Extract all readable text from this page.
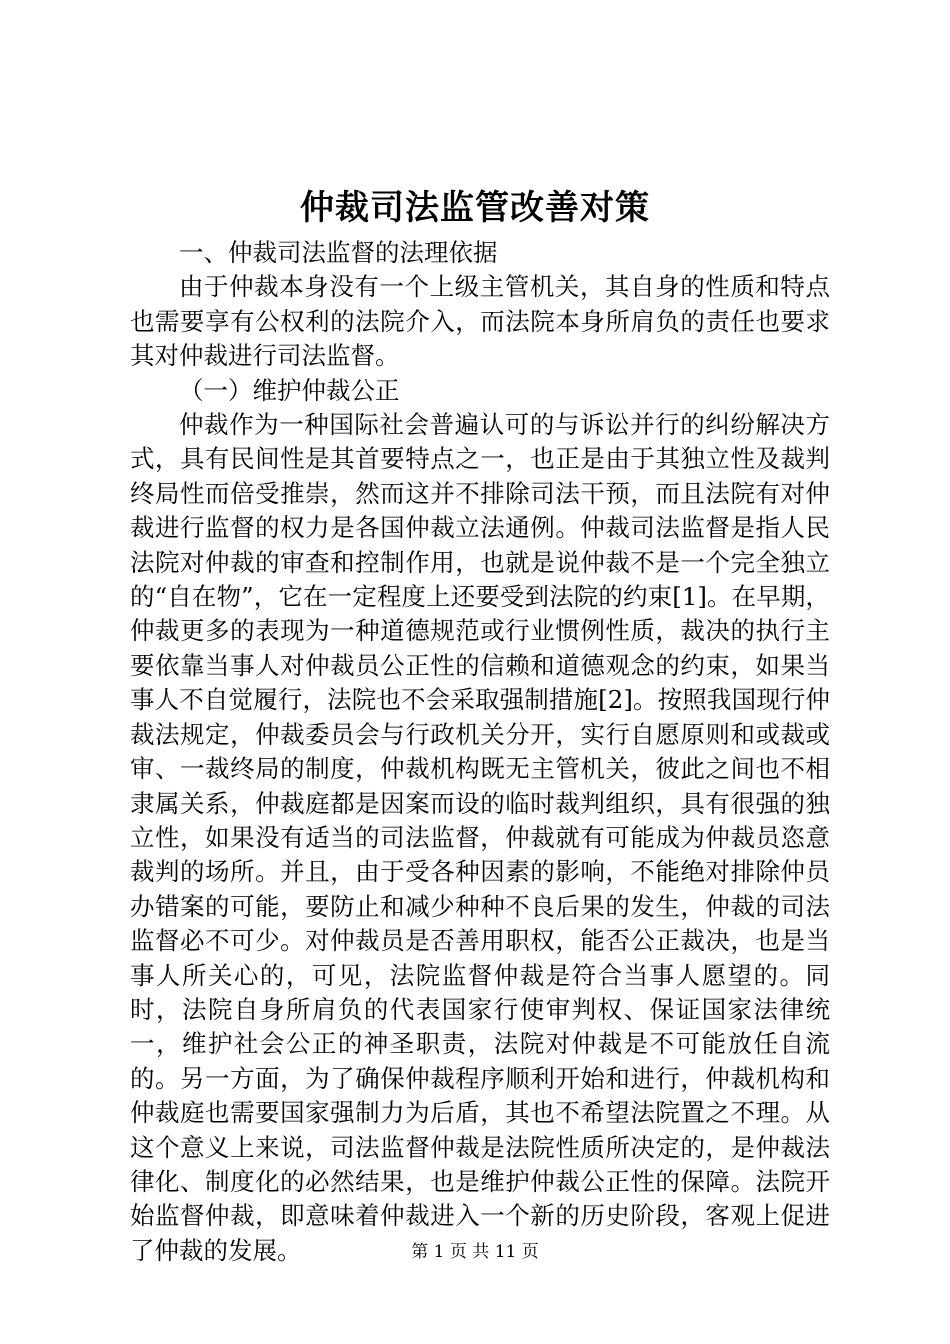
仲裁司法监管改善对策

一、仲裁司法监督的法理依据

由于仲裁本身没有一个上级主管机关，其自身的性质和特点也需要享有公权利的法院介入，而法院本身所肩负的责任也要求其对仲裁进行司法监督。

（一）维护仲裁公正

仲裁作为一种国际社会普遍认可的与诉讼并行的纠纷解决方式，具有民间性是其首要特点之一，也正是由于其独立性及裁判终局性而倍受推崇，然而这并不排除司法干预，而且法院有对仲裁进行监督的权力是各国仲裁立法通例。仲裁司法监督是指人民法院对仲裁的审查和控制作用，也就是说仲裁不是一个完全独立的“自在物”，它在一定程度上还要受到法院的约束[1]。在早期，仲裁更多的表现为一种道德规范或行业惯例性质，裁决的执行主要依靠当事人对仲裁员公正性的信赖和道德观念的约束，如果当事人不自觉履行，法院也不会采取强制措施[2]。按照我国现行仲裁法规定，仲裁委员会与行政机关分开，实行自愿原则和或裁或审、一裁终局的制度，仲裁机构既无主管机关，彼此之间也不相隶属关系，仲裁庭都是因案而设的临时裁判组织，具有很强的独立性，如果没有适当的司法监督，仲裁就有可能成为仲裁员恣意裁判的场所。并且，由于受各种因素的影响，不能绝对排除仲员办错案的可能，要防止和减少种种不良后果的发生，仲裁的司法监督必不可少。对仲裁员是否善用职权，能否公正裁决，也是当事人所关心的，可见，法院监督仲裁是符合当事人愿望的。同时，法院自身所肩负的代表国家行使审判权、保证国家法律统一，维护社会公正的神圣职责，法院对仲裁是不可能放任自流的。另一方面，为了确保仲裁程序顺利开始和进行，仲裁机构和仲裁庭也需要国家强制力为后盾，其也不希望法院置之不理。从这个意义上来说，司法监督仲裁是法院性质所决定的，是仲裁法律化、制度化的必然结果，也是维护仲裁公正性的保障。法院开始监督仲裁，即意味着仲裁进入一个新的历史阶段，客观上促进了仲裁的发展。	第 1 页 共 11 页
